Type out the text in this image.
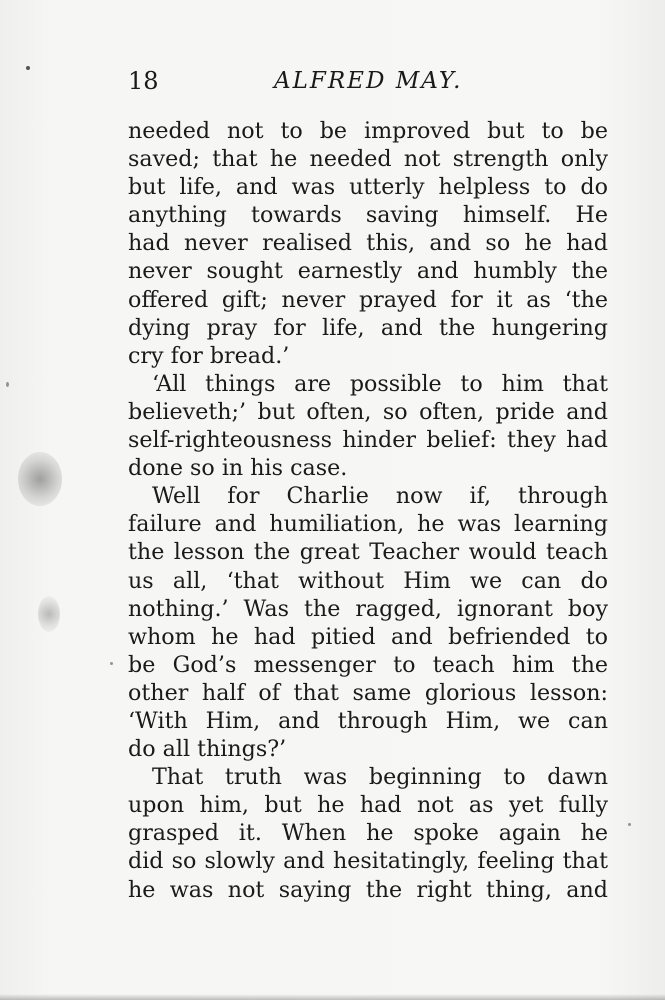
18	ALFRED MAY.
needed not to be improved but to be
saved; that he needed not strength only
but life, and was utterly helpless to do
anything towards saving himself. He
had never realised this, and so he had
never sought earnestly and humbly the
offered gift; never prayed for it as ‘the
dying pray for life, and the hungering
cry for bread.’
‘All things are possible to him that
believeth;’ but often, so often, pride and
self-righteousness hinder belief: they had
done so in his case.
Well for Charlie now if, through
failure and humiliation, he was learning
the lesson the great Teacher would teach
us all, ‘that without Him we can do
nothing.’ Was the ragged, ignorant boy
whom he had pitied and befriended to
be God’s messenger to teach him the
other half of that same glorious lesson:
‘With Him, and through Him, we can
do all things?’
That truth was beginning to dawn
upon him, but he had not as yet fully
grasped it. When he spoke again he
did so slowly and hesitatingly, feeling that
he was not saying the right thing, and
